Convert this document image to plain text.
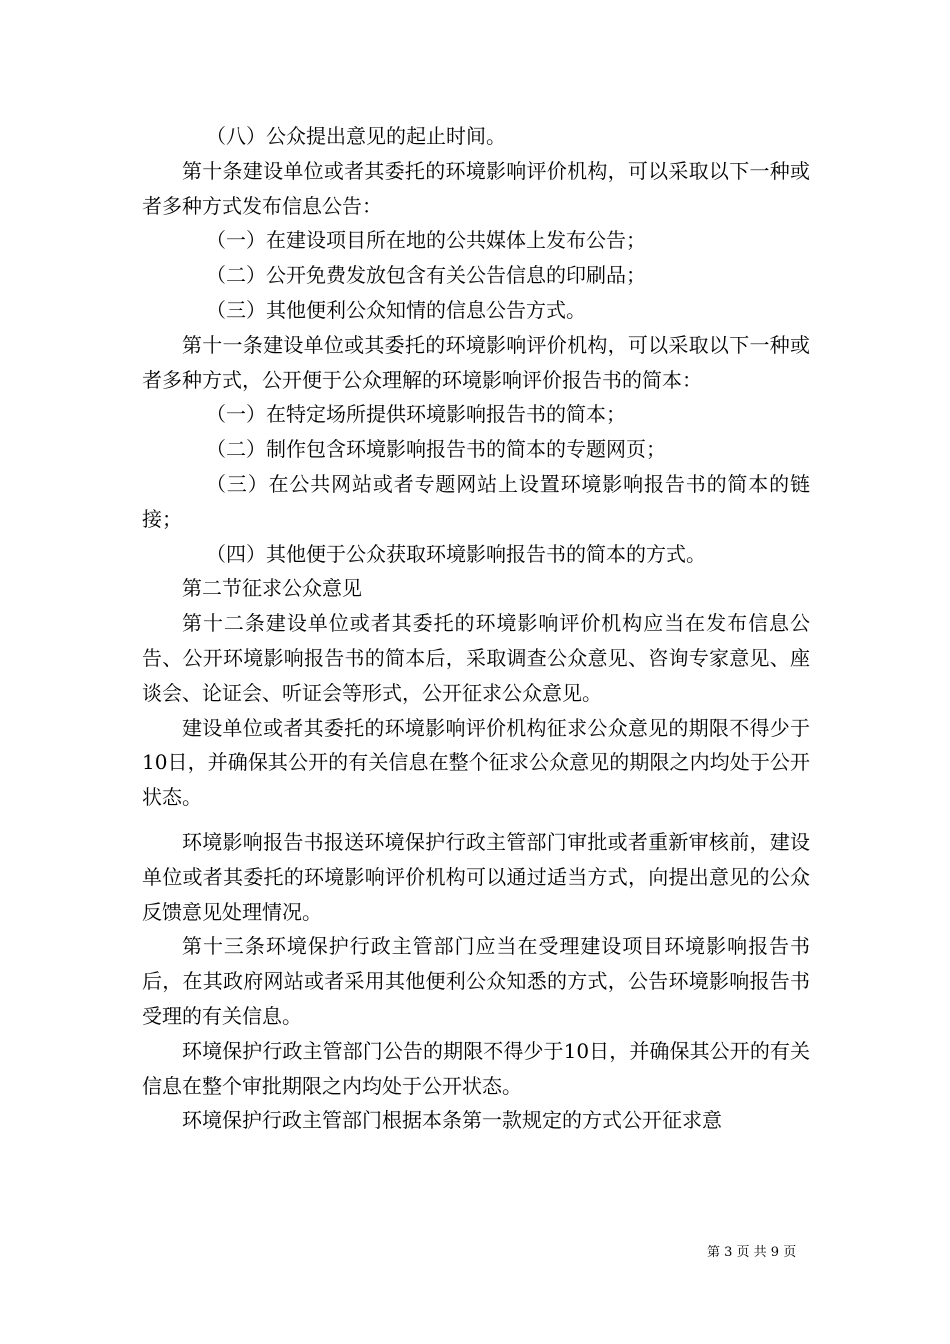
（八）公众提出意见的起止时间。

第十条建设单位或者其委托的环境影响评价机构，可以采取以下一种或者多种方式发布信息公告：

（一）在建设项目所在地的公共媒体上发布公告；

（二）公开免费发放包含有关公告信息的印刷品；

（三）其他便利公众知情的信息公告方式。

第十一条建设单位或其委托的环境影响评价机构，可以采取以下一种或者多种方式，公开便于公众理解的环境影响评价报告书的简本：

（一）在特定场所提供环境影响报告书的简本；

（二）制作包含环境影响报告书的简本的专题网页；

（三）在公共网站或者专题网站上设置环境影响报告书的简本的链接；

（四）其他便于公众获取环境影响报告书的简本的方式。

第二节征求公众意见

第十二条建设单位或者其委托的环境影响评价机构应当在发布信息公告、公开环境影响报告书的简本后，采取调查公众意见、咨询专家意见、座谈会、论证会、听证会等形式，公开征求公众意见。

建设单位或者其委托的环境影响评价机构征求公众意见的期限不得少于10日，并确保其公开的有关信息在整个征求公众意见的期限之内均处于公开状态。

环境影响报告书报送环境保护行政主管部门审批或者重新审核前，建设单位或者其委托的环境影响评价机构可以通过适当方式，向提出意见的公众反馈意见处理情况。

第十三条环境保护行政主管部门应当在受理建设项目环境影响报告书后，在其政府网站或者采用其他便利公众知悉的方式，公告环境影响报告书受理的有关信息。

环境保护行政主管部门公告的期限不得少于10日，并确保其公开的有关信息在整个审批期限之内均处于公开状态。

环境保护行政主管部门根据本条第一款规定的方式公开征求意

第 3 页 共 9 页
